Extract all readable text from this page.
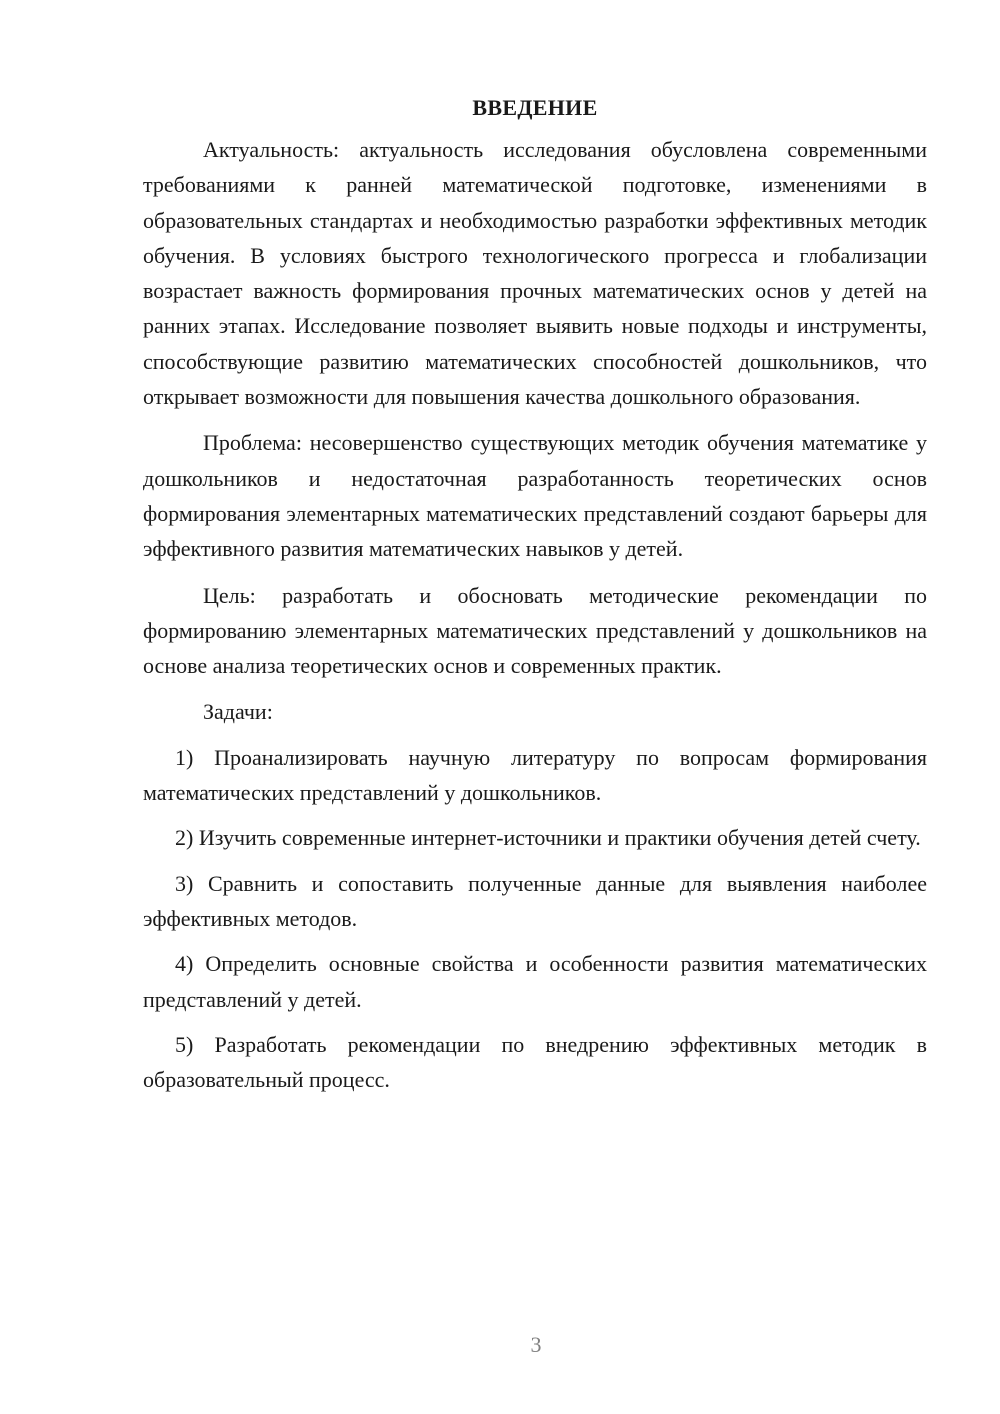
ВВЕДЕНИЕ

Актуальность: актуальность исследования обусловлена современными требованиями к ранней математической подготовке, изменениями в образовательных стандартах и необходимостью разработки эффективных методик обучения. В условиях быстрого технологического прогресса и глобализации возрастает важность формирования прочных математических основ у детей на ранних этапах. Исследование позволяет выявить новые подходы и инструменты, способствующие развитию математических способностей дошкольников, что открывает возможности для повышения качества дошкольного образования.

Проблема: несовершенство существующих методик обучения математике у дошкольников и недостаточная разработанность теоретических основ формирования элементарных математических представлений создают барьеры для эффективного развития математических навыков у детей.

Цель: разработать и обосновать методические рекомендации по формированию элементарных математических представлений у дошкольников на основе анализа теоретических основ и современных практик.

Задачи:

1) Проанализировать научную литературу по вопросам формирования математических представлений у дошкольников.

2) Изучить современные интернет-источники и практики обучения детей счету.

3) Сравнить и сопоставить полученные данные для выявления наиболее эффективных методов.

4) Определить основные свойства и особенности развития математических представлений у детей.

5) Разработать рекомендации по внедрению эффективных методик в образовательный процесс.

3
